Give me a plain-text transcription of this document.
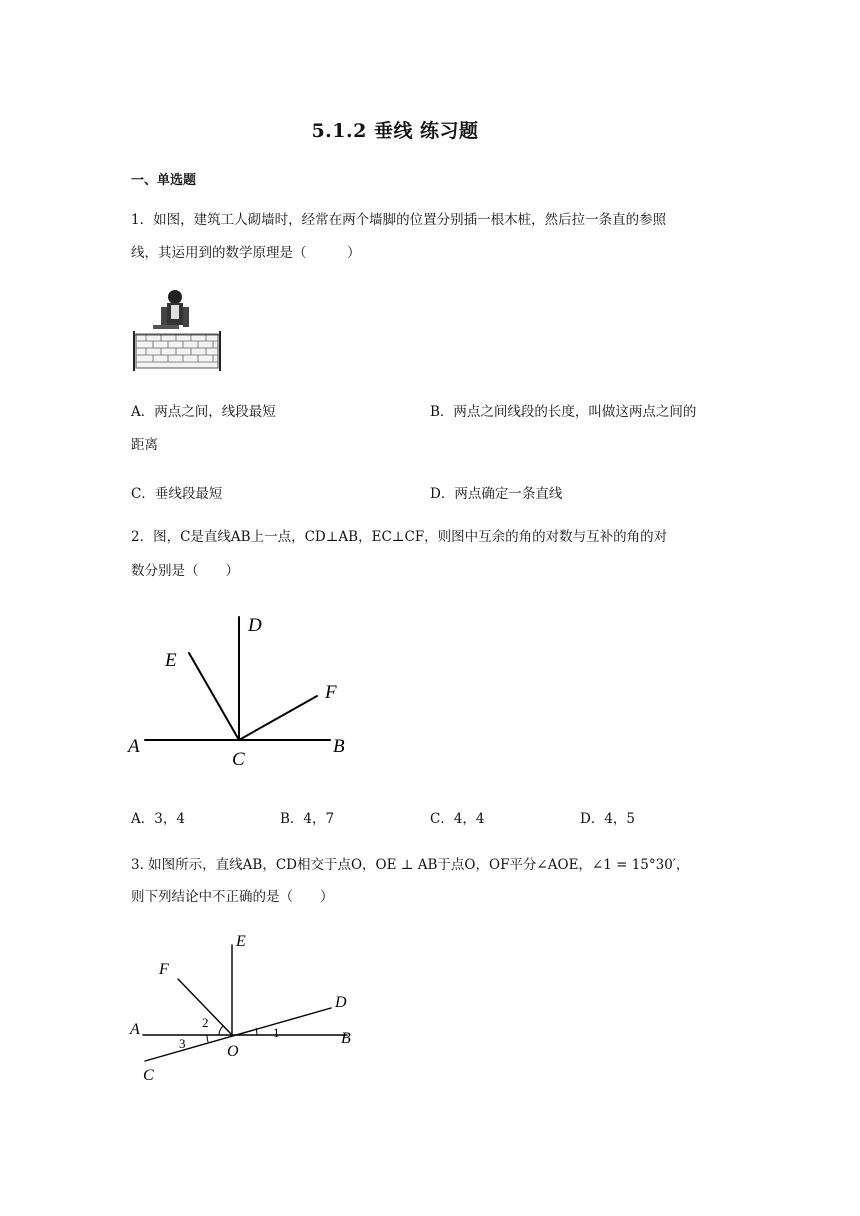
5.1.2 垂线 练习题
一、单选题
1．如图，建筑工人砌墙时，经常在两个墙脚的位置分别插一根木桩，然后拉一条直的参照
线，其运用到的数学原理是（　　　）
A．两点之间，线段最短	B．两点之间线段的长度，叫做这两点之间的
距离
C．垂线段最短	D．两点确定一条直线
2．图，C是直线AB上一点，CD⊥AB，EC⊥CF，则图中互余的角的对数与互补的角的对
数分别是（　　）
A	B
C
D
E
F
A．3，4	B．4，7	C．4，4	D．4，5
3. 如图所示，直线AB，CD相交于点O，OE ⊥ AB于点O，OF平分∠AOE，∠1 = 15°30′，
则下列结论中不正确的是（　　）
A
B
C
D
E
F
O
1
2
3
